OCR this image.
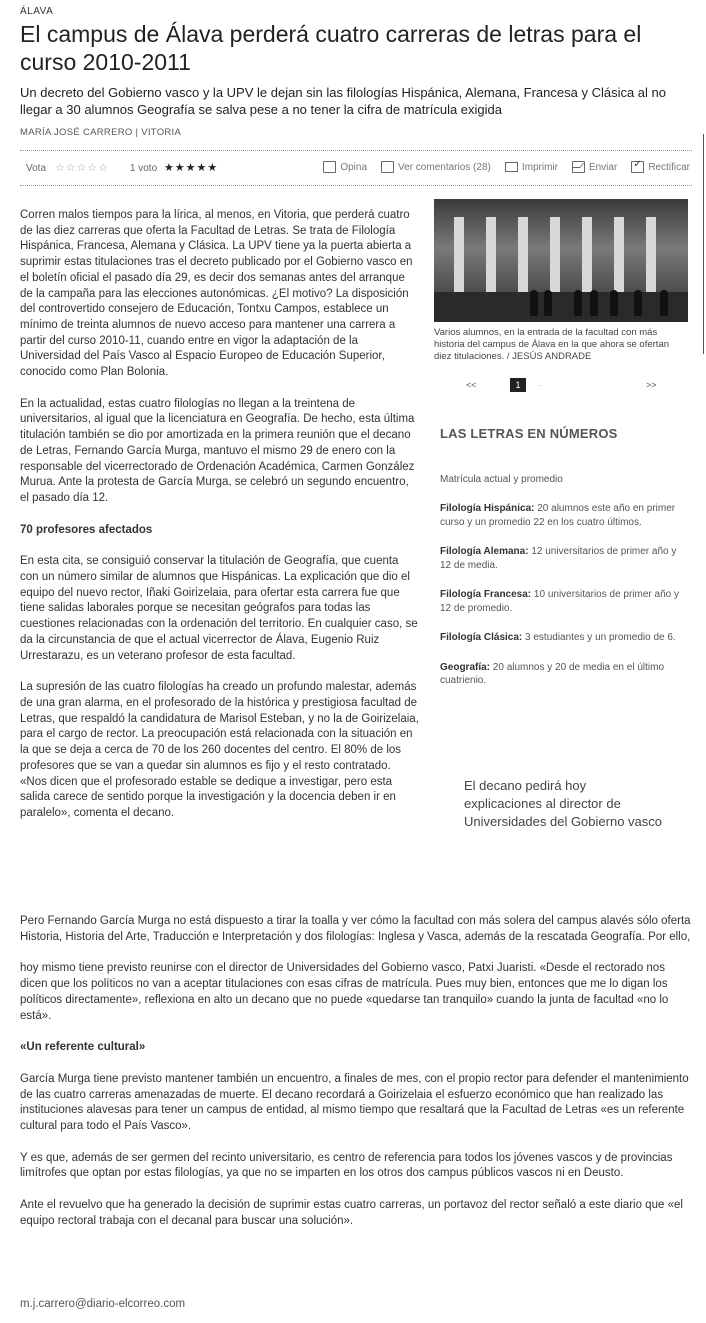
ÁLAVA
El campus de Álava perderá cuatro carreras de letras para el curso 2010-2011

Un decreto del Gobierno vasco y la UPV le dejan sin las filologías Hispánica, Alemana, Francesa y Clásica al no llegar a 30 alumnos Geografía se salva pese a no tener la cifra de matrícula exigida

MARÍA JOSÉ CARRERO | VITORIA
Vota ☆☆☆☆☆ 1 voto ★★★★★	Opina	Ver comentarios (28)	Imprimir	Enviar
✓	Rectificar

Corren malos tiempos para la lírica, al menos, en Vitoria, que perderá cuatro de las diez carreras que oferta la Facultad de Letras. Se trata de Filología Hispánica, Francesa, Alemana y Clásica. La UPV tiene ya la puerta abierta a suprimir estas titulaciones tras el decreto publicado por el Gobierno vasco en el boletín oficial el pasado día 29, es decir dos semanas antes del arranque de la campaña para las elecciones autonómicas. ¿El motivo? La disposición del controvertido consejero de Educación, Tontxu Campos, establece un mínimo de treinta alumnos de nuevo acceso para mantener una carrera a partir del curso 2010-11, cuando entre en vigor la adaptación de la Universidad del País Vasco al Espacio Europeo de Educación Superior, conocido como Plan Bolonia.

En la actualidad, estas cuatro filologías no llegan a la treintena de universitarios, al igual que la licenciatura en Geografía. De hecho, esta última titulación también se dio por amortizada en la primera reunión que el decano de Letras, Fernando García Murga, mantuvo el mismo 29 de enero con la responsable del vicerrectorado de Ordenación Académica, Carmen González Murua. Ante la protesta de García Murga, se celebró un segundo encuentro, el pasado día 12.

70 profesores afectados

En esta cita, se consiguió conservar la titulación de Geografía, que cuenta con un número similar de alumnos que Hispánicas. La explicación que dio el equipo del nuevo rector, Iñaki Goirizelaia, para ofertar esta carrera fue que tiene salidas laborales porque se necesitan geógrafos para todas las cuestiones relacionadas con la ordenación del territorio. En cualquier caso, se da la circunstancia de que el actual vicerrector de Álava, Eugenio Ruiz Urrestarazu, es un veterano profesor de esta facultad.

La supresión de las cuatro filologías ha creado un profundo malestar, además de una gran alarma, en el profesorado de la histórica y prestigiosa facultad de Letras, que respaldó la candidatura de Marisol Esteban, y no la de Goirizelaia, para el cargo de rector. La preocupación está relacionada con la situación en la que se deja a cerca de 70 de los 260 docentes del centro. El 80% de los profesores que se van a quedar sin alumnos es fijo y el resto contratado. «Nos dicen que el profesorado estable se dedique a investigar, pero esta salida carece de sentido porque la investigación y la docencia deben ir en paralelo», comenta el decano.

Varios alumnos, en la entrada de la facultad con más historia del campus de Álava en la que ahora se ofertan diez titulaciones. / JESÚS ANDRADE
<<	1	·	>>
LAS LETRAS EN NÚMEROS
Matrícula actual y promedio
Filología Hispánica: 20 alumnos este año en primer curso y un promedio 22 en los cuatro últimos.
Filología Alemana: 12 universitarios de primer año y 12 de media.
Filología Francesa: 10 universitarios de primer año y 12 de promedio.
Filología Clásica: 3 estudiantes y un promedio de 6.
Geografía: 20 alumnos y 20 de media en el último cuatrienio.
El decano pedirá hoy explicaciones al director de Universidades del Gobierno vasco

Pero Fernando García Murga no está dispuesto a tirar la toalla y ver cómo la facultad con más solera del campus alavés sólo oferta Historia, Historia del Arte, Traducción e Interpretación y dos filologías: Inglesa y Vasca, además de la rescatada Geografía. Por ello,

hoy mismo tiene previsto reunirse con el director de Universidades del Gobierno vasco, Patxi Juaristi. «Desde el rectorado nos dicen que los políticos no van a aceptar titulaciones con esas cifras de matrícula. Pues muy bien, entonces que me lo digan los políticos directamente», reflexiona en alto un decano que no puede «quedarse tan tranquilo» cuando la junta de facultad «no lo está».

«Un referente cultural»

García Murga tiene previsto mantener también un encuentro, a finales de mes, con el propio rector para defender el mantenimiento de las cuatro carreras amenazadas de muerte. El decano recordará a Goirizelaia el esfuerzo económico que han realizado las instituciones alavesas para tener un campus de entidad, al mismo tiempo que resaltará que la Facultad de Letras «es un referente cultural para todo el País Vasco».

Y es que, además de ser germen del recinto universitario, es centro de referencia para todos los jóvenes vascos y de provincias limítrofes que optan por estas filologías, ya que no se imparten en los otros dos campus públicos vascos ni en Deusto.

Ante el revuelvo que ha generado la decisión de suprimir estas cuatro carreras, un portavoz del rector señaló a este diario que «el equipo rectoral trabaja con el decanal para buscar una solución».

m.j.carrero@diario-elcorreo.com
